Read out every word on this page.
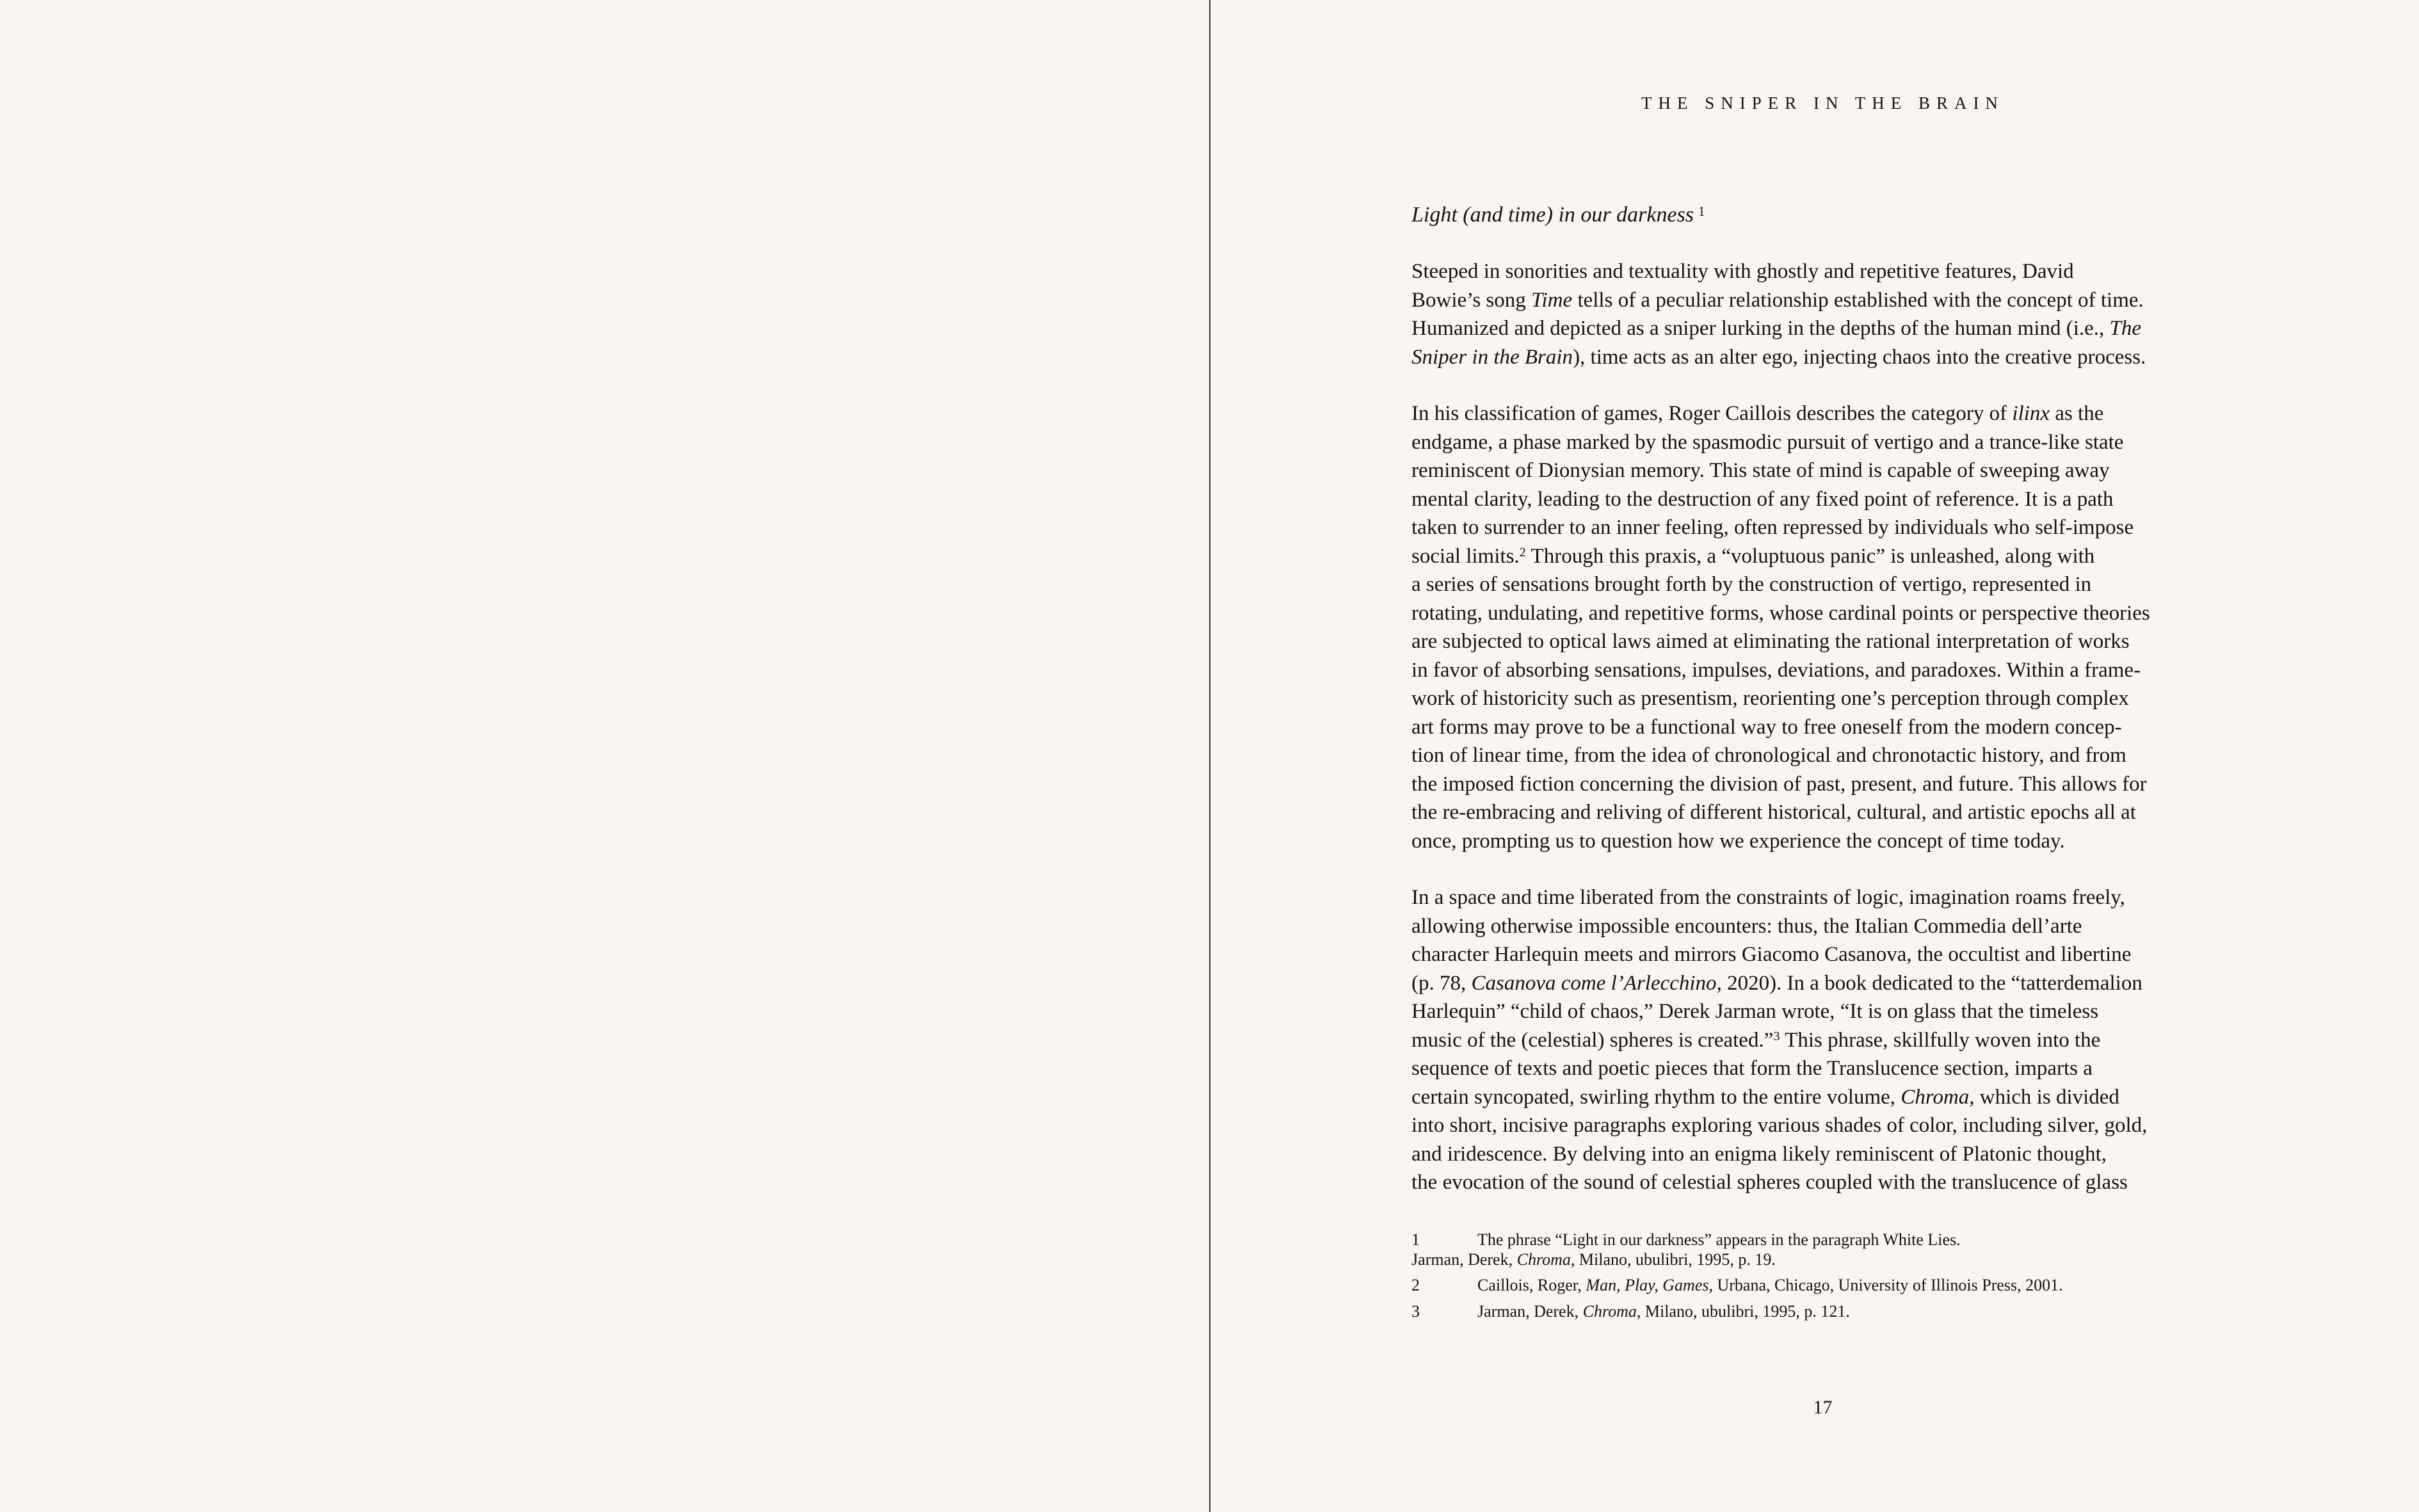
THE SNIPER IN THE BRAIN
Light (and time) in our darkness $^1$
Steeped in sonorities and textuality with ghostly and repetitive features, David
Bowie’s song Time tells of a peculiar relationship established with the concept of time.
Humanized and depicted as a sniper lurking in the depths of the human mind (i.e., The
Sniper in the Brain), time acts as an alter ego, injecting chaos into the creative process.
In his classification of games, Roger Caillois describes the category of ilinx as the
endgame, a phase marked by the spasmodic pursuit of vertigo and a trance-like state
reminiscent of Dionysian memory. This state of mind is capable of sweeping away
mental clarity, leading to the destruction of any fixed point of reference. It is a path
taken to surrender to an inner feeling, often repressed by individuals who self-impose
social limits.$^2$ Through this praxis, a “voluptuous panic” is unleashed, along with
a series of sensations brought forth by the construction of vertigo, represented in
rotating, undulating, and repetitive forms, whose cardinal points or perspective theories
are subjected to optical laws aimed at eliminating the rational interpretation of works
in favor of absorbing sensations, impulses, deviations, and paradoxes. Within a frame-
work of historicity such as presentism, reorienting one’s perception through complex
art forms may prove to be a functional way to free oneself from the modern concep-
tion of linear time, from the idea of chronological and chronotactic history, and from
the imposed fiction concerning the division of past, present, and future. This allows for
the re-embracing and reliving of different historical, cultural, and artistic epochs all at
once, prompting us to question how we experience the concept of time today.
In a space and time liberated from the constraints of logic, imagination roams freely,
allowing otherwise impossible encounters: thus, the Italian Commedia dell’arte
character Harlequin meets and mirrors Giacomo Casanova, the occultist and libertine
(p. 78, Casanova come l’Arlecchino, 2020). In a book dedicated to the “tatterdemalion
Harlequin” “child of chaos,” Derek Jarman wrote, “It is on glass that the timeless
music of the (celestial) spheres is created.”$^3$ This phrase, skillfully woven into the
sequence of texts and poetic pieces that form the Translucence section, imparts a
certain syncopated, swirling rhythm to the entire volume, Chroma, which is divided
into short, incisive paragraphs exploring various shades of color, including silver, gold,
and iridescence. By delving into an enigma likely reminiscent of Platonic thought,
the evocation of the sound of celestial spheres coupled with the translucence of glass
1	The phrase “Light in our darkness” appears in the paragraph White Lies.
Jarman, Derek, Chroma, Milano, ubulibri, 1995, p. 19.
2	Caillois, Roger, Man, Play, Games, Urbana, Chicago, University of Illinois Press, 2001.
3	Jarman, Derek, Chroma, Milano, ubulibri, 1995, p. 121.
17
